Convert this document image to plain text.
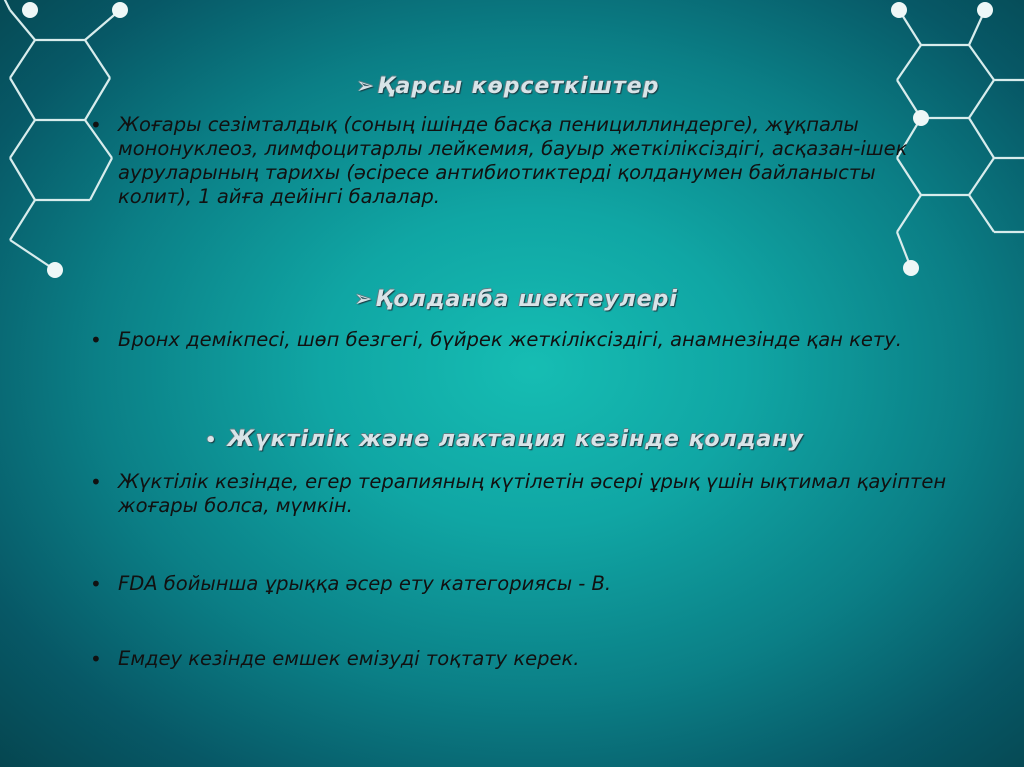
➢Қарсы көрсеткіштер
• Жоғары сезімталдық (соның ішінде басқа пенициллиндерге), жұқпалы мононуклеоз, лимфоцитарлы лейкемия, бауыр жеткіліксіздігі, асқазан-ішек ауруларының тарихы (әсіресе антибиотиктерді қолданумен байланысты колит), 1 айға дейінгі балалар.
➢Қолданба шектеулері
• Бронх демікпесі, шөп безгегі, бүйрек жеткіліксіздігі, анамнезінде қан кету.
• Жүктілік және лактация кезінде қолдану
• Жүктілік кезінде, егер терапияның күтілетін әсері ұрық үшін ықтимал қауіптен жоғары болса, мүмкін.
• FDA бойынша ұрыққа әсер ету категориясы - B.
• Емдеу кезінде емшек емізуді тоқтату керек.
